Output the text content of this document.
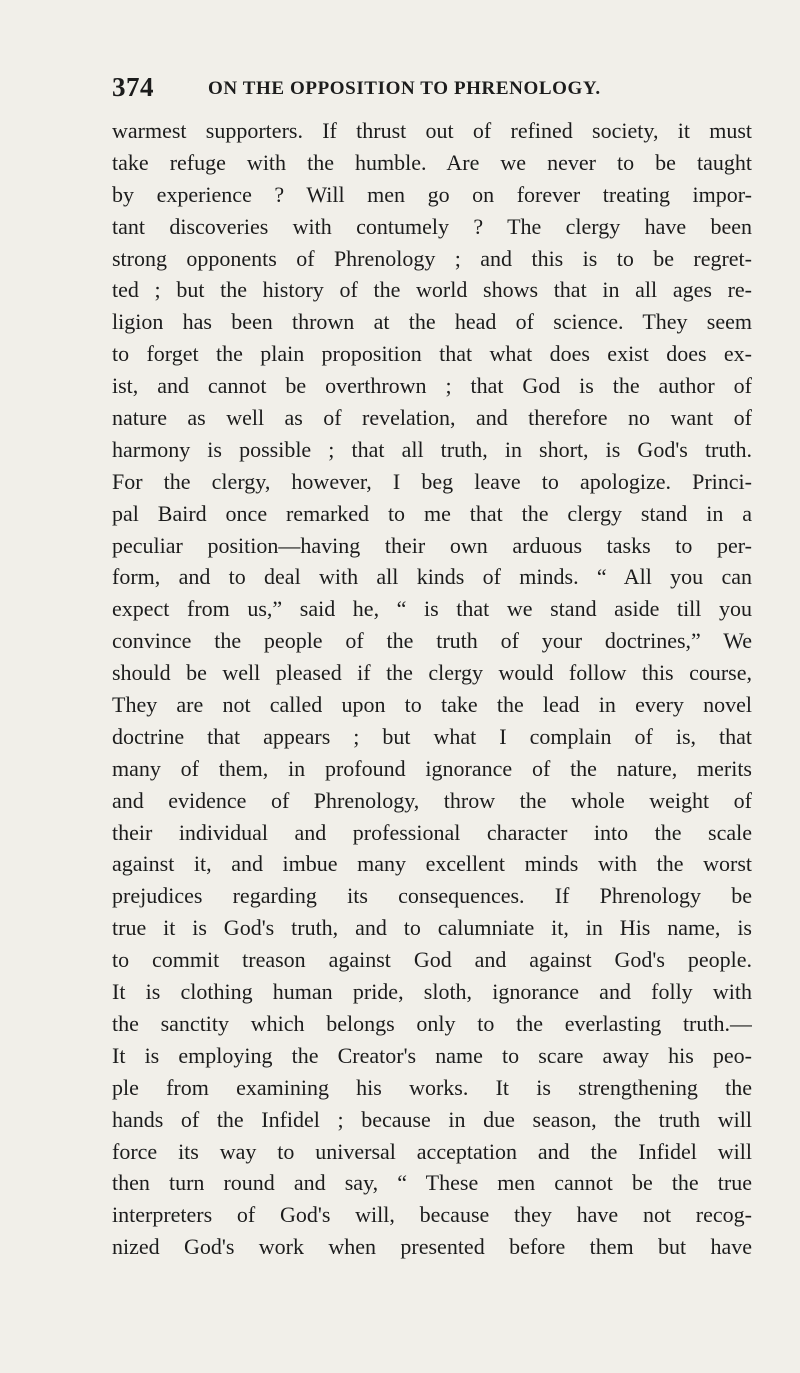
374	ON THE OPPOSITION TO PHRENOLOGY.
warmest supporters. If thrust out of refined society, it must
take refuge with the humble. Are we never to be taught
by experience ? Will men go on forever treating impor-
tant discoveries with contumely ? The clergy have been
strong opponents of Phrenology ; and this is to be regret-
ted ; but the history of the world shows that in all ages re-
ligion has been thrown at the head of science. They seem
to forget the plain proposition that what does exist does ex-
ist, and cannot be overthrown ; that God is the author of
nature as well as of revelation, and therefore no want of
harmony is possible ; that all truth, in short, is God's truth.
For the clergy, however, I beg leave to apologize. Princi-
pal Baird once remarked to me that the clergy stand in a
peculiar position—having their own arduous tasks to per-
form, and to deal with all kinds of minds. “ All you can
expect from us,” said he, “ is that we stand aside till you
convince the people of the truth of your doctrines,” We
should be well pleased if the clergy would follow this course,
They are not called upon to take the lead in every novel
doctrine that appears ; but what I complain of is, that
many of them, in profound ignorance of the nature, merits
and evidence of Phrenology, throw the whole weight of
their individual and professional character into the scale
against it, and imbue many excellent minds with the worst
prejudices regarding its consequences. If Phrenology be
true it is God's truth, and to calumniate it, in His name, is
to commit treason against God and against God's people.
It is clothing human pride, sloth, ignorance and folly with
the sanctity which belongs only to the everlasting truth.—
It is employing the Creator's name to scare away his peo-
ple from examining his works. It is strengthening the
hands of the Infidel ; because in due season, the truth will
force its way to universal acceptation and the Infidel will
then turn round and say, “ These men cannot be the true
interpreters of God's will, because they have not recog-
nized God's work when presented before them but have
